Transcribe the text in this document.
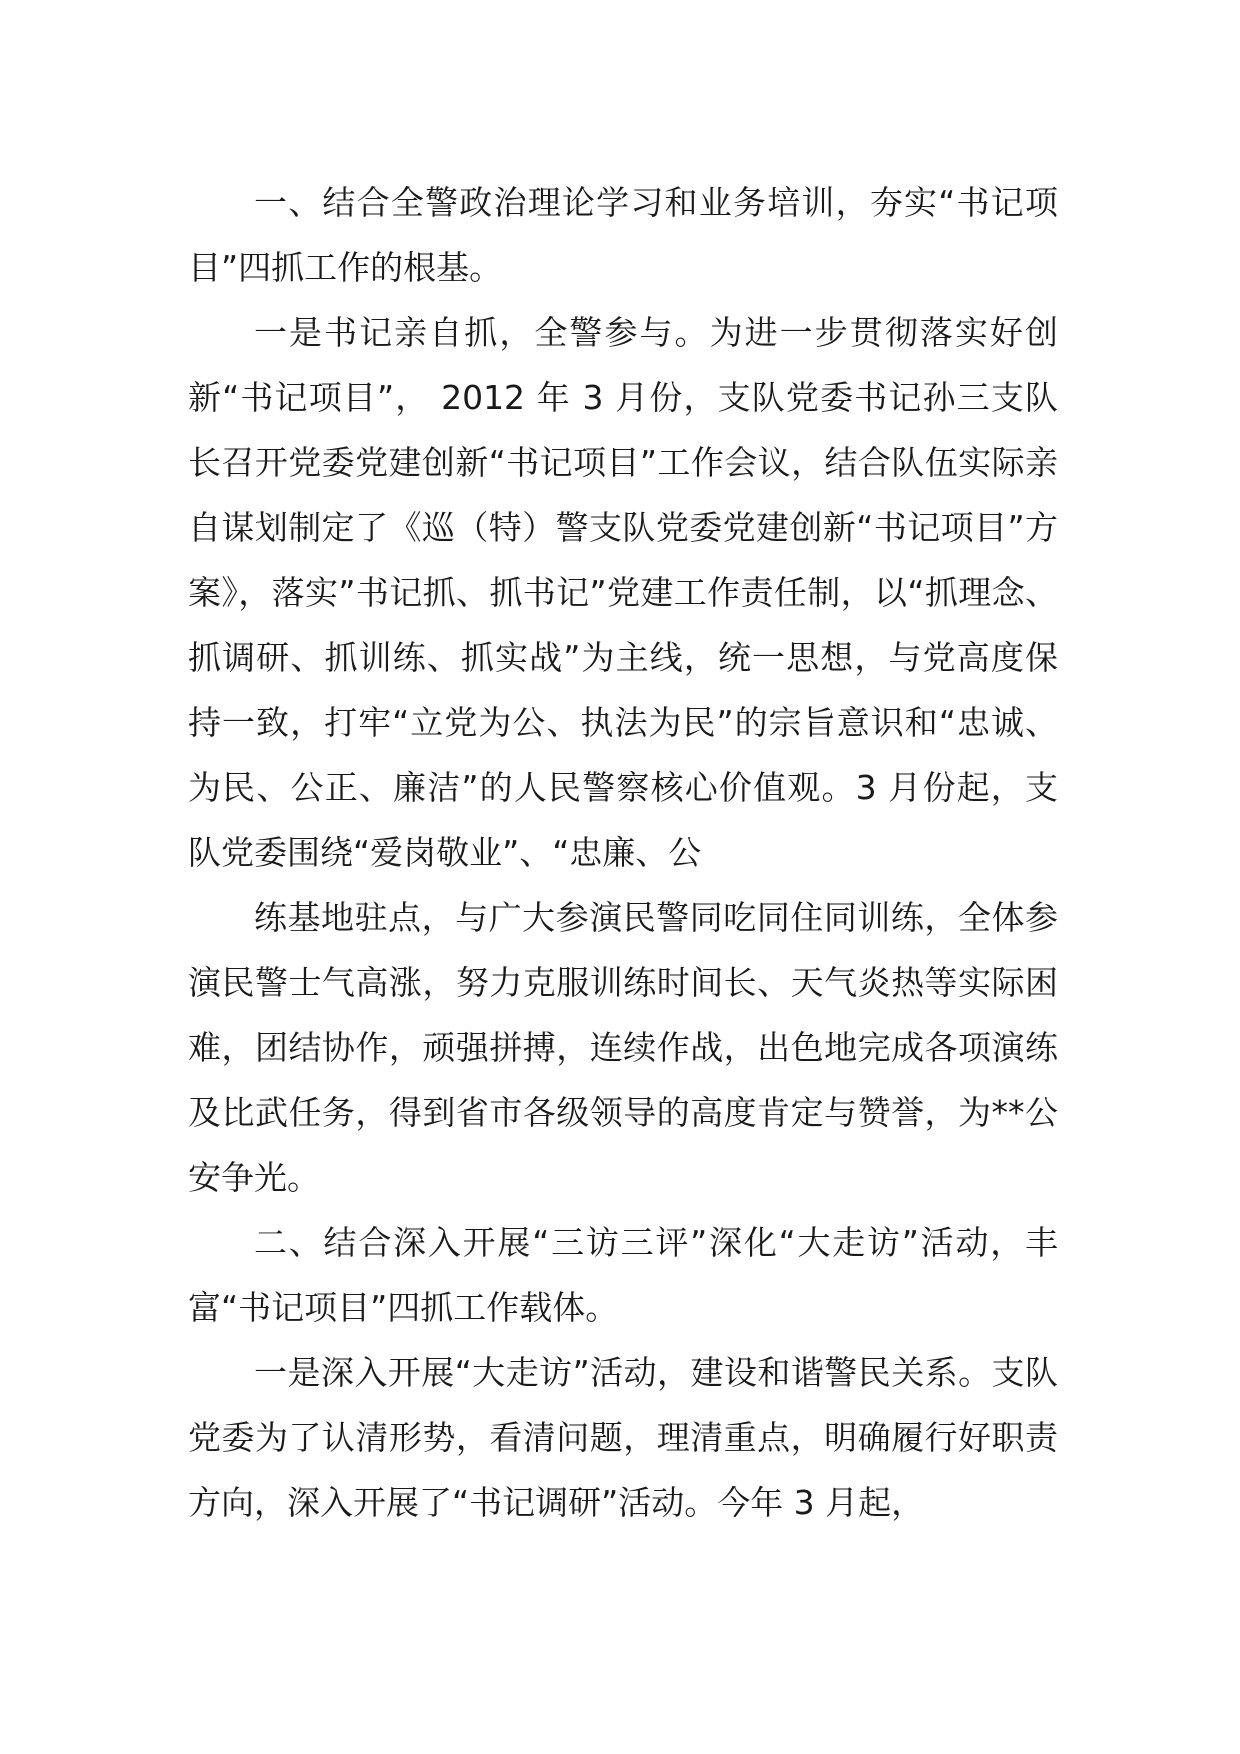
一、结合全警政治理论学习和业务培训，夯实“书记项目”四抓工作的根基。

一是书记亲自抓，全警参与。为进一步贯彻落实好创新“书记项目”， 2012 年 3 月份，支队党委书记孙三支队长召开党委党建创新“书记项目”工作会议，结合队伍实际亲自谋划制定了《巡（特）警支队党委党建创新“书记项目”方案》，落实”书记抓、抓书记”党建工作责任制，以“抓理念、抓调研、抓训练、抓实战”为主线，统一思想，与党高度保持一致，打牢“立党为公、执法为民”的宗旨意识和“忠诚、为民、公正、廉洁”的人民警察核心价值观。3 月份起，支队党委围绕“爱岗敬业”、“忠廉、公

练基地驻点，与广大参演民警同吃同住同训练，全体参演民警士气高涨，努力克服训练时间长、天气炎热等实际困难，团结协作，顽强拼搏，连续作战，出色地完成各项演练及比武任务，得到省市各级领导的高度肯定与赞誉，为**公安争光。

二、结合深入开展“三访三评”深化“大走访”活动，丰富“书记项目”四抓工作载体。

一是深入开展“大走访”活动，建设和谐警民关系。支队党委为了认清形势，看清问题，理清重点，明确履行好职责方向，深入开展了“书记调研”活动。今年 3 月起，
